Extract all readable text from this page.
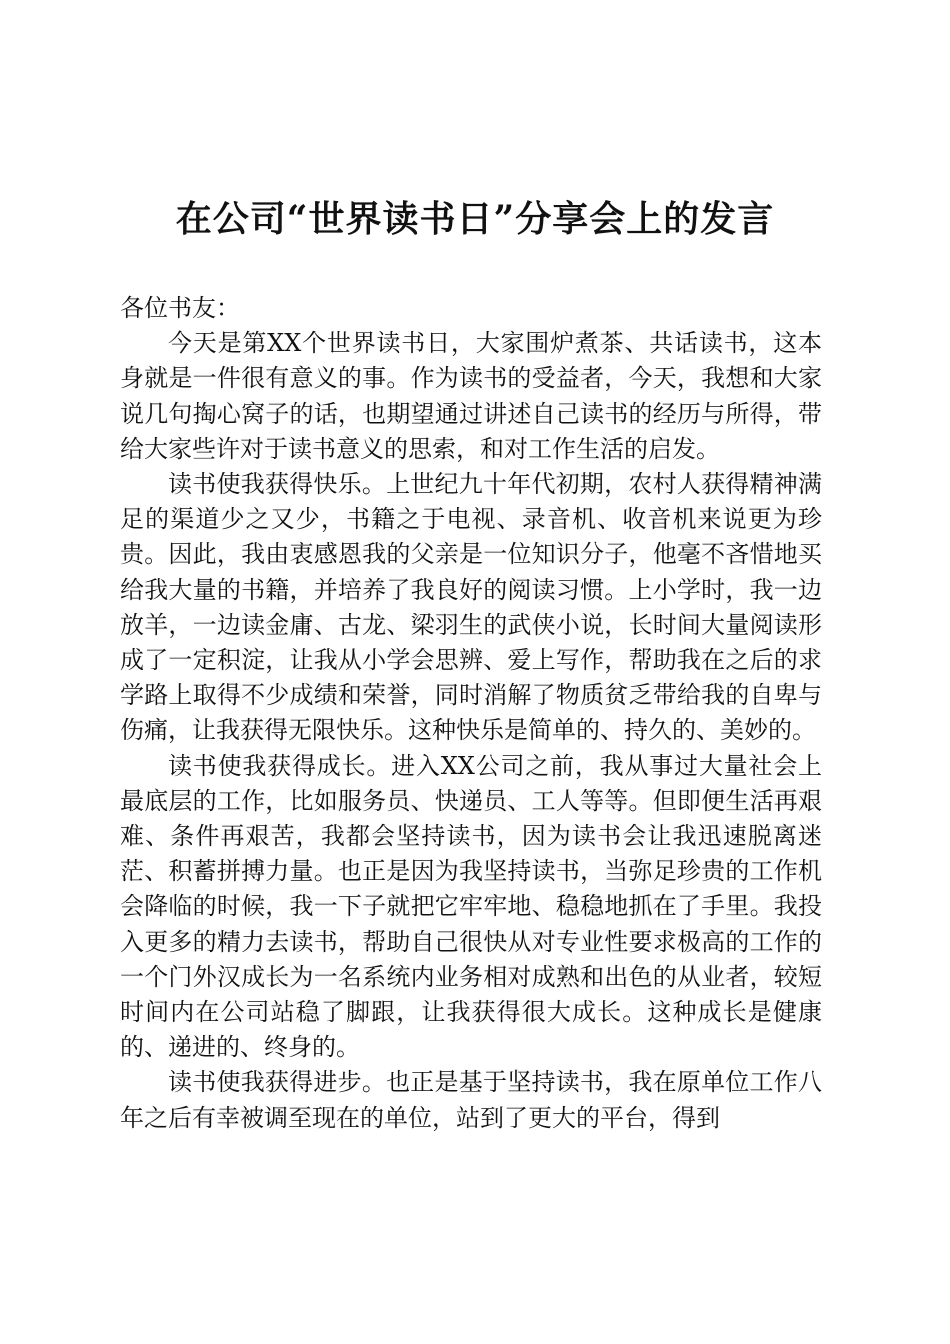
在公司“世界读书日”分享会上的发言

各位书友：

今天是第XX个世界读书日，大家围炉煮茶、共话读书，这本身就是一件很有意义的事。作为读书的受益者，今天，我想和大家说几句掏心窝子的话，也期望通过讲述自己读书的经历与所得，带给大家些许对于读书意义的思索，和对工作生活的启发。

读书使我获得快乐。上世纪九十年代初期，农村人获得精神满足的渠道少之又少，书籍之于电视、录音机、收音机来说更为珍贵。因此，我由衷感恩我的父亲是一位知识分子，他毫不吝惜地买给我大量的书籍，并培养了我良好的阅读习惯。上小学时，我一边放羊，一边读金庸、古龙、梁羽生的武侠小说，长时间大量阅读形成了一定积淀，让我从小学会思辨、爱上写作，帮助我在之后的求学路上取得不少成绩和荣誉，同时消解了物质贫乏带给我的自卑与伤痛，让我获得无限快乐。这种快乐是简单的、持久的、美妙的。

读书使我获得成长。进入XX公司之前，我从事过大量社会上最底层的工作，比如服务员、快递员、工人等等。但即便生活再艰难、条件再艰苦，我都会坚持读书，因为读书会让我迅速脱离迷茫、积蓄拼搏力量。也正是因为我坚持读书，当弥足珍贵的工作机会降临的时候，我一下子就把它牢牢地、稳稳地抓在了手里。我投入更多的精力去读书，帮助自己很快从对专业性要求极高的工作的一个门外汉成长为一名系统内业务相对成熟和出色的从业者，较短时间内在公司站稳了脚跟，让我获得很大成长。这种成长是健康的、递进的、终身的。

读书使我获得进步。也正是基于坚持读书，我在原单位工作八年之后有幸被调至现在的单位，站到了更大的平台，得到
